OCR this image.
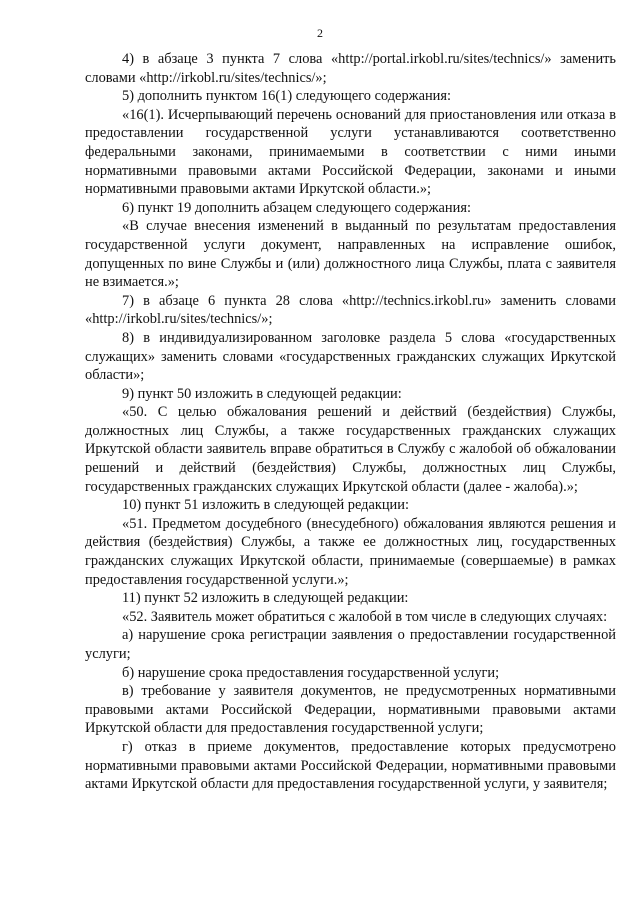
2

4) в абзаце 3 пункта 7 слова «http://portal.irkobl.ru/sites/technics/» заменить словами «http://irkobl.ru/sites/technics/»;

5) дополнить пунктом 16(1) следующего содержания:

«16(1). Исчерпывающий перечень оснований для приостановления или отказа в предоставлении государственной услуги устанавливаются соответственно федеральными законами, принимаемыми в соответствии с ними иными нормативными правовыми актами Российской Федерации, законами и иными нормативными правовыми актами Иркутской области.»;

6) пункт 19 дополнить абзацем следующего содержания:

«В случае внесения изменений в выданный по результатам предоставления государственной услуги документ, направленных на исправление ошибок, допущенных по вине Службы и (или) должностного лица Службы, плата с заявителя не взимается.»;

7) в абзаце 6 пункта 28 слова «http://technics.irkobl.ru» заменить словами «http://irkobl.ru/sites/technics/»;

8) в индивидуализированном заголовке раздела 5 слова «государственных служащих» заменить словами «государственных гражданских служащих Иркутской области»;

9) пункт 50 изложить в следующей редакции:

«50. С целью обжалования решений и действий (бездействия) Службы, должностных лиц Службы, а также государственных гражданских служащих Иркутской области заявитель вправе обратиться в Службу с жалобой об обжаловании решений и действий (бездействия) Службы, должностных лиц Службы, государственных гражданских служащих Иркутской области (далее - жалоба).»;

10) пункт 51 изложить в следующей редакции:

«51. Предметом досудебного (внесудебного) обжалования являются решения и действия (бездействия) Службы, а также ее должностных лиц, государственных гражданских служащих Иркутской области, принимаемые (совершаемые) в рамках предоставления государственной услуги.»;

11) пункт 52 изложить в следующей редакции:

«52. Заявитель может обратиться с жалобой в том числе в следующих случаях:

а) нарушение срока регистрации заявления о предоставлении государственной услуги;

б) нарушение срока предоставления государственной услуги;

в) требование у заявителя документов, не предусмотренных нормативными правовыми актами Российской Федерации, нормативными правовыми актами Иркутской области для предоставления государственной услуги;

г) отказ в приеме документов, предоставление которых предусмотрено нормативными правовыми актами Российской Федерации, нормативными правовыми актами Иркутской области для предоставления государственной услуги, у заявителя;
